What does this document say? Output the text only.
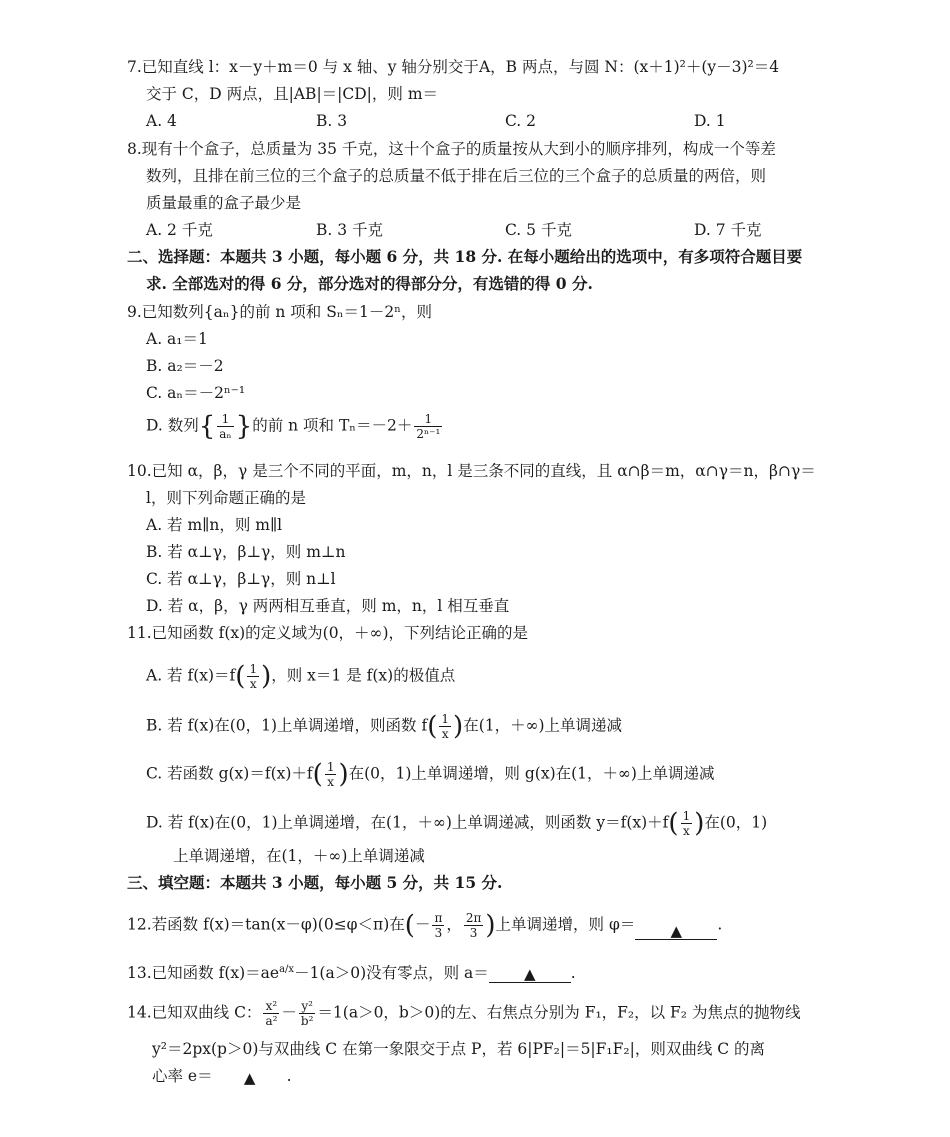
7.已知直线 l：x－y＋m＝0 与 x 轴、y 轴分别交于A，B 两点，与圆 N：(x＋1)²＋(y－3)²＝4
交于 C，D 两点，且|AB|＝|CD|，则 m＝
A. 4	B. 3	C. 2	D. 1
8.现有十个盒子，总质量为 35 千克，这十个盒子的质量按从大到小的顺序排列，构成一个等差
数列，且排在前三位的三个盒子的总质量不低于排在后三位的三个盒子的总质量的两倍，则
质量最重的盒子最少是
A. 2 千克	B. 3 千克	C. 5 千克	D. 7 千克
二、选择题：本题共 3 小题，每小题 6 分，共 18 分. 在每小题给出的选项中，有多项符合题目要
求. 全部选对的得 6 分，部分选对的得部分分，有选错的得 0 分.
9.已知数列{aₙ}的前 n 项和 Sₙ＝1－2ⁿ，则
A. a₁＝1
B. a₂＝－2
C. aₙ＝－2ⁿ⁻¹
D. 数列{ $\frac{1}{\text{aₙ}}$ }的前 n 项和 $T_n=-2+ \frac{1}{\text{2ⁿ⁻¹}}$
10.已知 α，β，γ 是三个不同的平面，m，n，l 是三条不同的直线，且 α∩β＝m，α∩γ＝n，β∩γ＝
l，则下列命题正确的是
A. 若 m∥n，则 m∥l
B. 若 α⊥γ，β⊥γ，则 m⊥n
C. 若 α⊥γ，β⊥γ，则 n⊥l
D. 若 α，β，γ 两两相互垂直，则 m，n，l 相互垂直
11.已知函数 f(x)的定义域为(0，＋∞)，下列结论正确的是
A. 若 $f(x)=f( \frac{1}{x}$ )，则 x＝1 是 f(x)的极值点
B. 若 f(x)在(0，1)上单调递增，则函数 $f( \frac{1}{x}$ )在(1，＋∞)上单调递减
C. 若函数 $g(x)=f(x)+f( \frac{1}{x}$ )在(0，1)上单调递增，则 g(x)在(1，＋∞)上单调递减
D. 若 f(x)在(0，1)上单调递增，在(1，＋∞)上单调递减，则函数 $y=f(x)+f( \frac{1}{x}$ )在(0，1)
上单调递增，在(1，＋∞)上单调递减
三、填空题：本题共 3 小题，每小题 5 分，共 15 分.
12.若函数 f(x)＝tan(x－φ)(0≤φ＜π)在(－ $\frac{\pi}{3}$ ， $\frac{2\pi}{3}$ )上单调递增，则 φ＝ ▲ .
13.已知函数 $f(x)=ae^{a/x}-1(a>0)$没有零点，则 a＝ ▲ .
14.已知双曲线 C： $\frac{\text{x²}}{\text{a²}} - \frac{\text{y²}}{\text{b²}} =1(a>0$，b＞0)的左、右焦点分别为 F₁，F₂，以 F₂ 为焦点的抛物线
y²＝2px(p＞0)与双曲线 C 在第一象限交于点 P，若 6|PF₂|＝5|F₁F₂|，则双曲线 C 的离
心率 e＝ ▲ .
